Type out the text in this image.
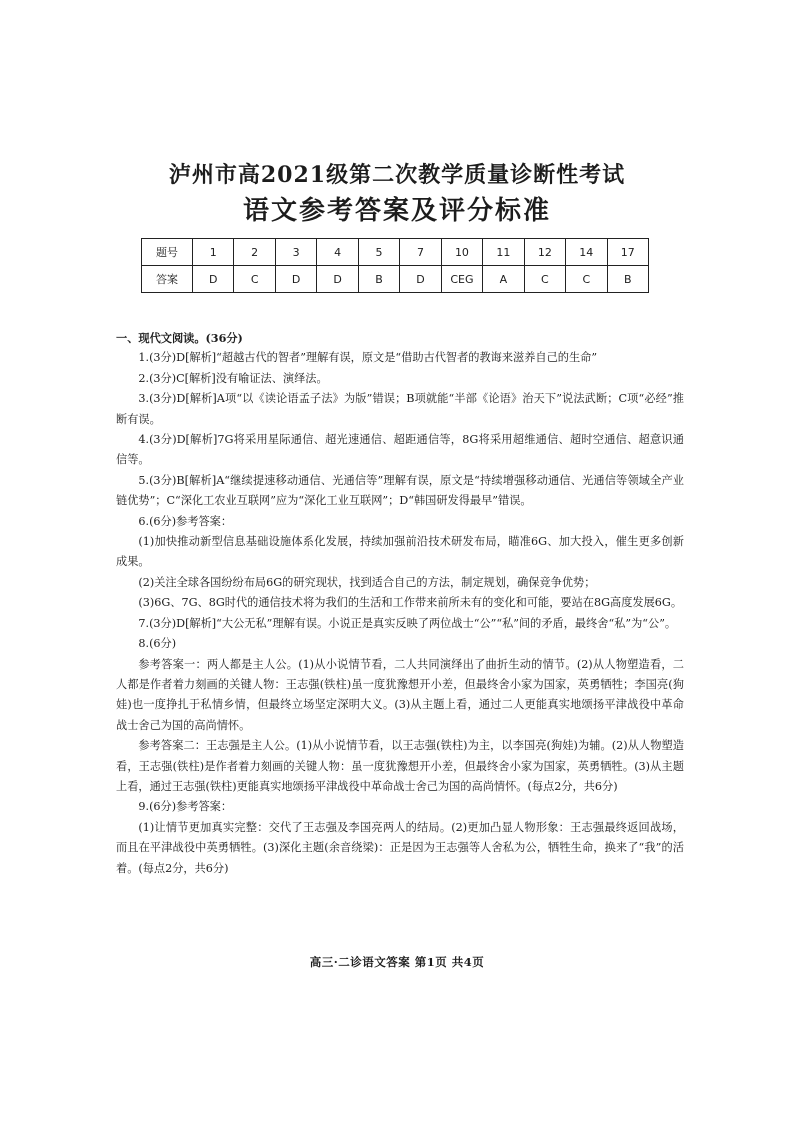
泸州市高2021级第二次教学质量诊断性考试
语文参考答案及评分标准
题号	1	2	3	4	5	7	10	11	12	14	17
答案	D	C	D	D	B	D	CEG	A	C	C	B

一、现代文阅读。(36分)

1.(3分)D[解析]“超越古代的智者”理解有误，原文是“借助古代智者的教诲来滋养自己的生命”

2.(3分)C[解析]没有喻证法、演绎法。

3.(3分)D[解析]A项“以《读论语孟子法》为版”错误；B项就能“半部《论语》治天下”说法武断；C项“必经”推断有误。

4.(3分)D[解析]7G将采用星际通信、超光速通信、超距通信等，8G将采用超维通信、超时空通信、超意识通信等。

5.(3分)B[解析]A“继续提速移动通信、光通信等”理解有误，原文是“持续增强移动通信、光通信等领域全产业链优势”；C“深化工农业互联网”应为“深化工业互联网”；D“韩国研发得最早”错误。

6.(6分)参考答案：

(1)加快推动新型信息基础设施体系化发展，持续加强前沿技术研发布局，瞄准6G、加大投入，催生更多创新成果。

(2)关注全球各国纷纷布局6G的研究现状，找到适合自己的方法，制定规划，确保竞争优势；

(3)6G、7G、8G时代的通信技术将为我们的生活和工作带来前所未有的变化和可能，要站在8G高度发展6G。

7.(3分)D[解析]“大公无私”理解有误。小说正是真实反映了两位战士“公”“私”间的矛盾，最终舍“私”为“公”。

8.(6分)

参考答案一：两人都是主人公。(1)从小说情节看，二人共同演绎出了曲折生动的情节。(2)从人物塑造看，二人都是作者着力刻画的关键人物：王志强(铁柱)虽一度犹豫想开小差，但最终舍小家为国家，英勇牺牲；李国亮(狗娃)也一度挣扎于私情乡情，但最终立场坚定深明大义。(3)从主题上看，通过二人更能真实地颂扬平津战役中革命战士舍己为国的高尚情怀。

参考答案二：王志强是主人公。(1)从小说情节看，以王志强(铁柱)为主，以李国亮(狗娃)为辅。(2)从人物塑造看，王志强(铁柱)是作者着力刻画的关键人物：虽一度犹豫想开小差，但最终舍小家为国家，英勇牺牲。(3)从主题上看，通过王志强(铁柱)更能真实地颂扬平津战役中革命战士舍己为国的高尚情怀。(每点2分，共6分)

9.(6分)参考答案：

(1)让情节更加真实完整：交代了王志强及李国亮两人的结局。(2)更加凸显人物形象：王志强最终返回战场，而且在平津战役中英勇牺牲。(3)深化主题(余音绕梁)：正是因为王志强等人舍私为公，牺牲生命，换来了“我”的活着。(每点2分，共6分)

高三·二诊语文答案 第1页 共4页
